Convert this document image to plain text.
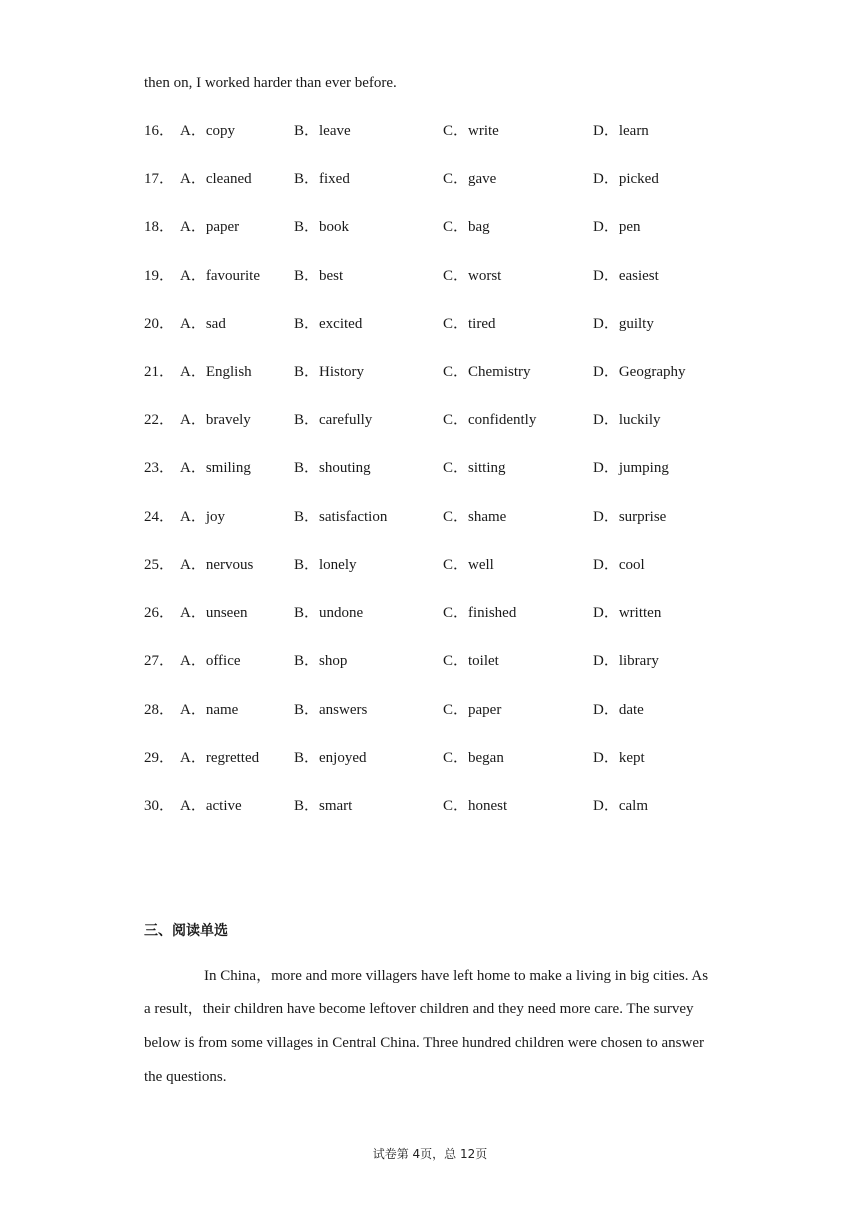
then on, I worked harder than ever before.
16． A．copy	B．leave	C．write	D．learn
17． A．cleaned	B．fixed	C．gave	D．picked
18． A．paper	B．book	C．bag	D．pen
19． A．favourite B．best	C．worst	D．easiest
20． A．sad	B．excited	C．tired	D．guilty
21． A．English	B．History	C．Chemistry	D．Geography
22． A．bravely	B．carefully	C．confidently	D．luckily
23． A．smiling	B．shouting	C．sitting	D．jumping
24． A．joy	B．satisfaction	C．shame	D．surprise
25． A．nervous	B．lonely	C．well	D．cool
26． A．unseen	B．undone	C．finished	D．written
27． A．office	B．shop	C．toilet	D．library
28． A．name	B．answers	C．paper	D．date
29． A．regretted B．enjoyed	C．began	D．kept
30． A．active	B．smart	C．honest	D．calm
三、阅读单选
In China，more and more villagers have left home to make a living in big cities. As
a result，their children have become leftover children and they need more care. The survey
below is from some villages in Central China. Three hundred children were chosen to answer
the questions.
试卷第 4页，总 12页
